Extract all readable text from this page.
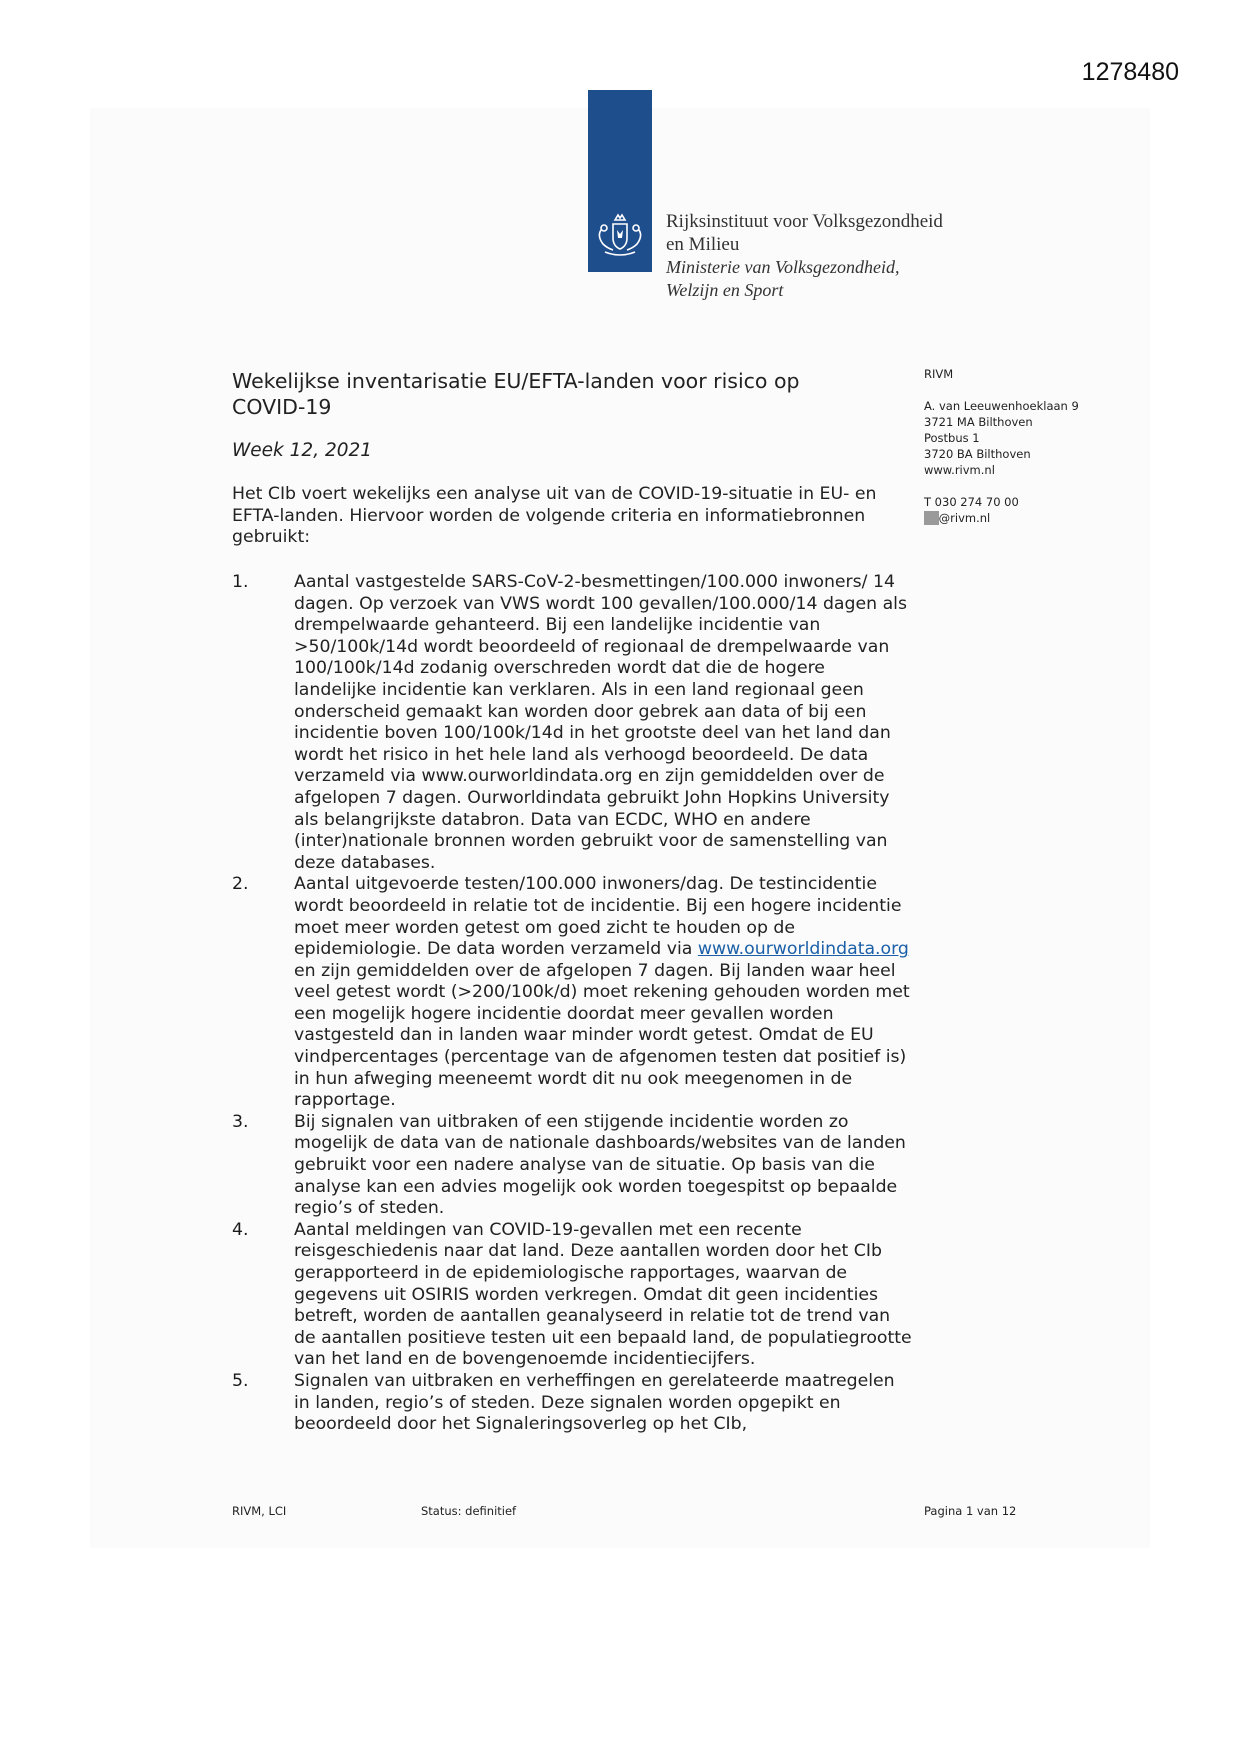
1278480
Rijksinstituut voor Volksgezondheid
en Milieu
Ministerie van Volksgezondheid,
Welzijn en Sport
Wekelijkse inventarisatie EU/EFTA-landen voor risico op COVID-19
Week 12, 2021
Het CIb voert wekelijks een analyse uit van de COVID-19-situatie in EU- en EFTA-landen. Hiervoor worden de volgende criteria en informatiebronnen gebruikt:
RIVM
A. van Leeuwenhoeklaan 9
3721 MA Bilthoven
Postbus 1
3720 BA Bilthoven
www.rivm.nl
T 030 274 70 00
11@rivm.nl
1.	Aantal vastgestelde SARS-CoV-2-besmettingen/100.000 inwoners/ 14 dagen. Op verzoek van VWS wordt 100 gevallen/100.000/14 dagen als drempelwaarde gehanteerd. Bij een landelijke incidentie van >50/100k/14d wordt beoordeeld of regionaal de drempelwaarde van 100/100k/14d zodanig overschreden wordt dat die de hogere landelijke incidentie kan verklaren. Als in een land regionaal geen onderscheid gemaakt kan worden door gebrek aan data of bij een incidentie boven 100/100k/14d in het grootste deel van het land dan wordt het risico in het hele land als verhoogd beoordeeld. De data verzameld via www.ourworldindata.org en zijn gemiddelden over de afgelopen 7 dagen. Ourworldindata gebruikt John Hopkins University als belangrijkste databron. Data van ECDC, WHO en andere (inter)nationale bronnen worden gebruikt voor de samenstelling van deze databases.
2.	Aantal uitgevoerde testen/100.000 inwoners/dag. De testincidentie wordt beoordeeld in relatie tot de incidentie. Bij een hogere incidentie moet meer worden getest om goed zicht te houden op de epidemiologie. De data worden verzameld via www.ourworldindata.org en zijn gemiddelden over de afgelopen 7 dagen. Bij landen waar heel veel getest wordt (>200/100k/d) moet rekening gehouden worden met een mogelijk hogere incidentie doordat meer gevallen worden vastgesteld dan in landen waar minder wordt getest. Omdat de EU vindpercentages (percentage van de afgenomen testen dat positief is) in hun afweging meeneemt wordt dit nu ook meegenomen in de rapportage.
3.	Bij signalen van uitbraken of een stijgende incidentie worden zo mogelijk de data van de nationale dashboards/websites van de landen gebruikt voor een nadere analyse van de situatie. Op basis van die analyse kan een advies mogelijk ook worden toegespitst op bepaalde regio’s of steden.
4.	Aantal meldingen van COVID-19-gevallen met een recente reisgeschiedenis naar dat land. Deze aantallen worden door het CIb gerapporteerd in de epidemiologische rapportages, waarvan de gegevens uit OSIRIS worden verkregen. Omdat dit geen incidenties betreft, worden de aantallen geanalyseerd in relatie tot de trend van de aantallen positieve testen uit een bepaald land, de populatiegrootte van het land en de bovengenoemde incidentiecijfers.
5.	Signalen van uitbraken en verheffingen en gerelateerde maatregelen in landen, regio’s of steden. Deze signalen worden opgepikt en beoordeeld door het Signaleringsoverleg op het CIb,
RIVM, LCI	Status: definitief	Pagina 1 van 12
